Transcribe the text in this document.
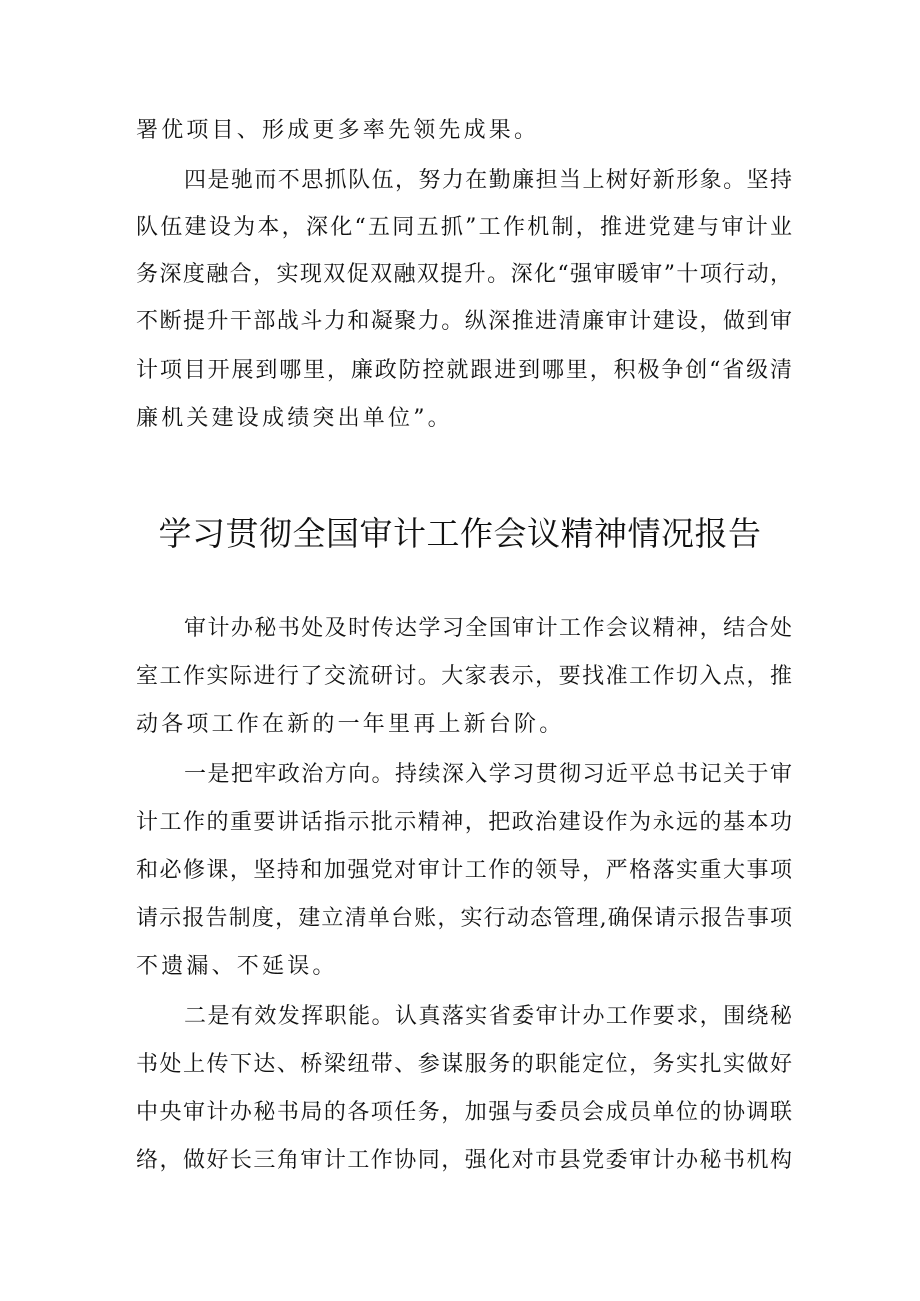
署优项目、形成更多率先领先成果。
四是驰而不思抓队伍，努力在勤廉担当上树好新形象。坚持
队伍建设为本，深化“五同五抓”工作机制，推进党建与审计业
务深度融合，实现双促双融双提升。深化“强审暖审”十项行动，
不断提升干部战斗力和凝聚力。纵深推进清廉审计建设，做到审
计项目开展到哪里，廉政防控就跟进到哪里，积极争创“省级清
廉机关建设成绩突出单位”。
审计办秘书处及时传达学习全国审计工作会议精神，结合处
室工作实际进行了交流研讨。大家表示，要找准工作切入点，推
动各项工作在新的一年里再上新台阶。
一是把牢政治方向。持续深入学习贯彻习近平总书记关于审
计工作的重要讲话指示批示精神，把政治建设作为永远的基本功
和必修课，坚持和加强党对审计工作的领导，严格落实重大事项
请示报告制度，建立清单台账，实行动态管理,确保请示报告事项
不遗漏、不延误。
二是有效发挥职能。认真落实省委审计办工作要求，围绕秘
书处上传下达、桥梁纽带、参谋服务的职能定位，务实扎实做好
中央审计办秘书局的各项任务，加强与委员会成员单位的协调联
络，做好长三角审计工作协同，强化对市县党委审计办秘书机构
学习贯彻全国审计工作会议精神情况报告
